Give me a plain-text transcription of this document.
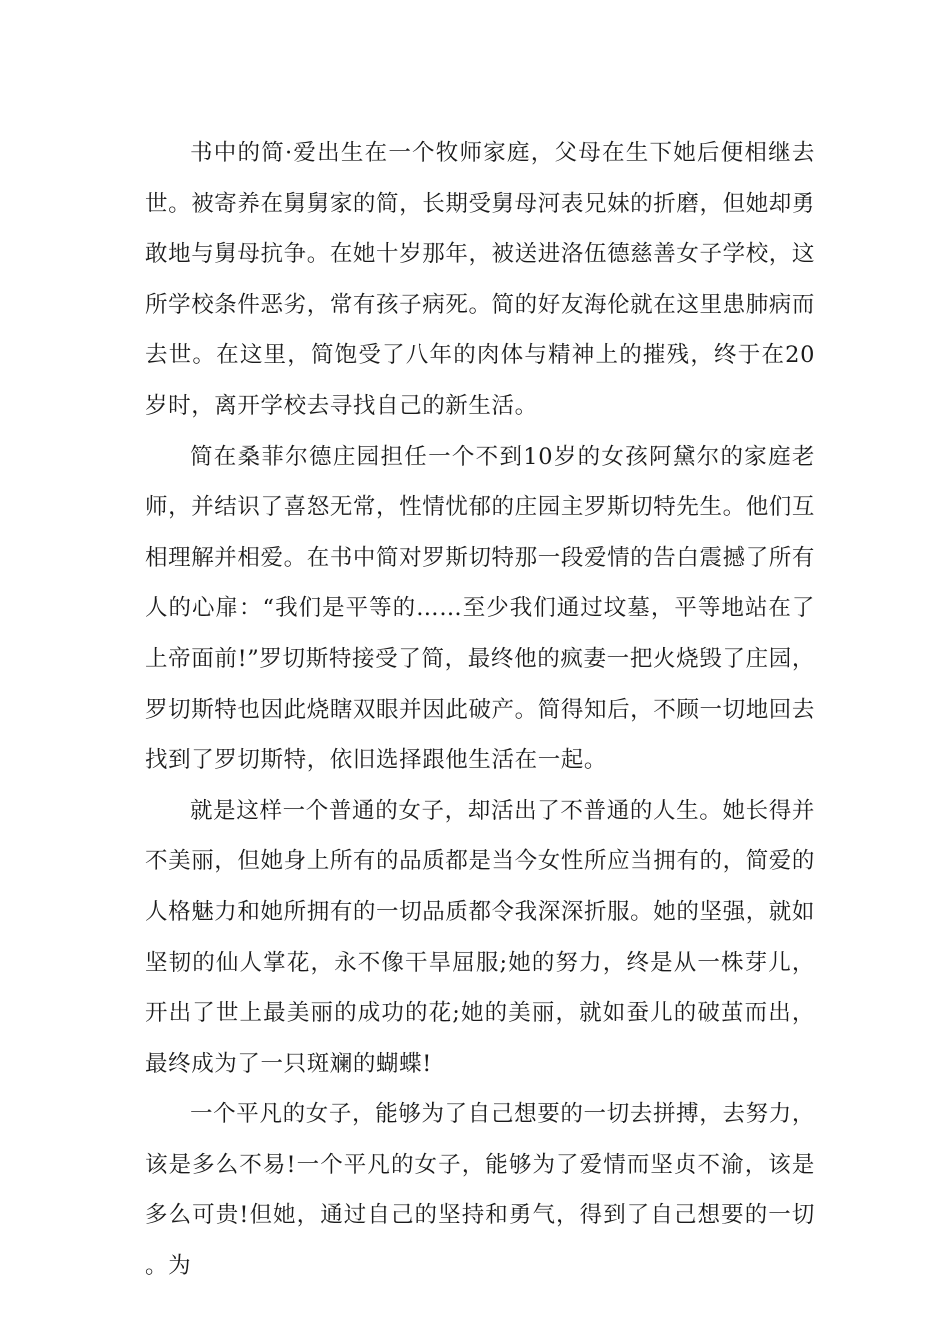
书中的简·爱出生在一个牧师家庭，父母在生下她后便相继去世。被寄养在舅舅家的简，长期受舅母河表兄妹的折磨，但她却勇敢地与舅母抗争。在她十岁那年，被送进洛伍德慈善女子学校，这所学校条件恶劣，常有孩子病死。简的好友海伦就在这里患肺病而去世。在这里，简饱受了八年的肉体与精神上的摧残，终于在20岁时，离开学校去寻找自己的新生活。

简在桑菲尔德庄园担任一个不到10岁的女孩阿黛尔的家庭老师，并结识了喜怒无常，性情忧郁的庄园主罗斯切特先生。他们互相理解并相爱。在书中简对罗斯切特那一段爱情的告白震撼了所有人的心扉：“我们是平等的……至少我们通过坟墓，平等地站在了上帝面前!”罗切斯特接受了简，最终他的疯妻一把火烧毁了庄园，罗切斯特也因此烧瞎双眼并因此破产。简得知后，不顾一切地回去找到了罗切斯特，依旧选择跟他生活在一起。

就是这样一个普通的女子，却活出了不普通的人生。她长得并不美丽，但她身上所有的品质都是当今女性所应当拥有的，简爱的人格魅力和她所拥有的一切品质都令我深深折服。她的坚强，就如坚韧的仙人掌花，永不像干旱屈服;她的努力，终是从一株芽儿，开出了世上最美丽的成功的花;她的美丽，就如蚕儿的破茧而出，最终成为了一只斑斓的蝴蝶!

一个平凡的女子，能够为了自己想要的一切去拼搏，去努力，该是多么不易!一个平凡的女子，能够为了爱情而坚贞不渝，该是多么可贵!但她，通过自己的坚持和勇气，得到了自己想要的一切。为
